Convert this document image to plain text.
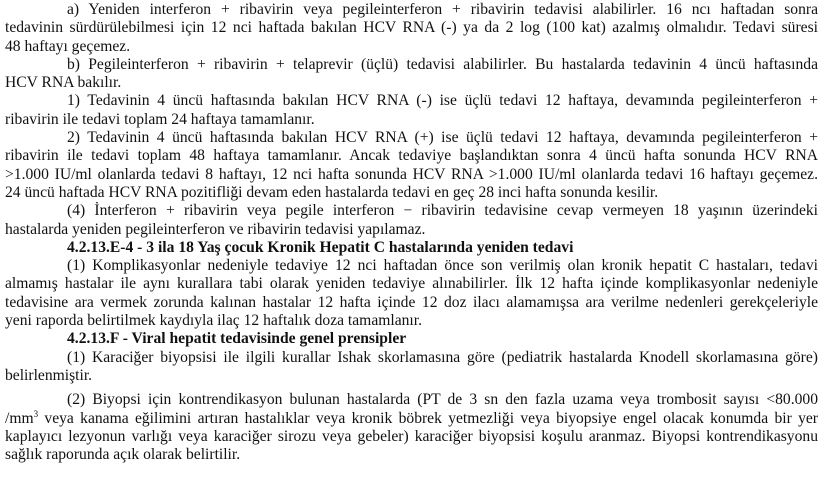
a) Yeniden interferon + ribavirin veya pegileinterferon + ribavirin tedavisi alabilirler. 16 ncı haftadan sonra
tedavinin sürdürülebilmesi için 12 nci haftada bakılan HCV RNA (-) ya da 2 log (100 kat) azalmış olmalıdır. Tedavi süresi
48 haftayı geçemez.
b) Pegileinterferon + ribavirin + telaprevir (üçlü) tedavisi alabilirler. Bu hastalarda tedavinin 4 üncü haftasında
HCV RNA bakılır.
1) Tedavinin 4 üncü haftasında bakılan HCV RNA (-) ise üçlü tedavi 12 haftaya, devamında pegileinterferon +
ribavirin ile tedavi toplam 24 haftaya tamamlanır.
2) Tedavinin 4 üncü haftasında bakılan HCV RNA (+) ise üçlü tedavi 12 haftaya, devamında pegileinterferon +
ribavirin ile tedavi toplam 48 haftaya tamamlanır. Ancak tedaviye başlandıktan sonra 4 üncü hafta sonunda HCV RNA
>1.000 IU/ml olanlarda tedavi 8 haftayı, 12 nci hafta sonunda HCV RNA >1.000 IU/ml olanlarda tedavi 16 haftayı geçemez.
24 üncü haftada HCV RNA pozitifliği devam eden hastalarda tedavi en geç 28 inci hafta sonunda kesilir.
(4) İnterferon + ribavirin veya pegile interferon − ribavirin tedavisine cevap vermeyen 18 yaşının üzerindeki
hastalarda yeniden pegileinterferon ve ribavirin tedavisi yapılamaz.
4.2.13.E-4 - 3 ila 18 Yaş çocuk Kronik Hepatit C hastalarında yeniden tedavi
(1) Komplikasyonlar nedeniyle tedaviye 12 nci haftadan önce son verilmiş olan kronik hepatit C hastaları, tedavi
almamış hastalar ile aynı kurallara tabi olarak yeniden tedaviye alınabilirler. İlk 12 hafta içinde komplikasyonlar nedeniyle
tedavisine ara vermek zorunda kalınan hastalar 12 hafta içinde 12 doz ilacı alamamışsa ara verilme nedenleri gerekçeleriyle
yeni raporda belirtilmek kaydıyla ilaç 12 haftalık doza tamamlanır.
4.2.13.F - Viral hepatit tedavisinde genel prensipler
(1) Karaciğer biyopsisi ile ilgili kurallar Ishak skorlamasına göre (pediatrik hastalarda Knodell skorlamasına göre)
belirlenmiştir.
(2) Biyopsi için kontrendikasyon bulunan hastalarda (PT de 3 sn den fazla uzama veya trombosit sayısı <80.000
$/mm^3$ veya kanama eğilimini artıran hastalıklar veya kronik böbrek yetmezliği veya biyopsiye engel olacak konumda bir yer
kaplayıcı lezyonun varlığı veya karaciğer sirozu veya gebeler) karaciğer biyopsisi koşulu aranmaz. Biyopsi kontrendikasyonu
sağlık raporunda açık olarak belirtilir.
